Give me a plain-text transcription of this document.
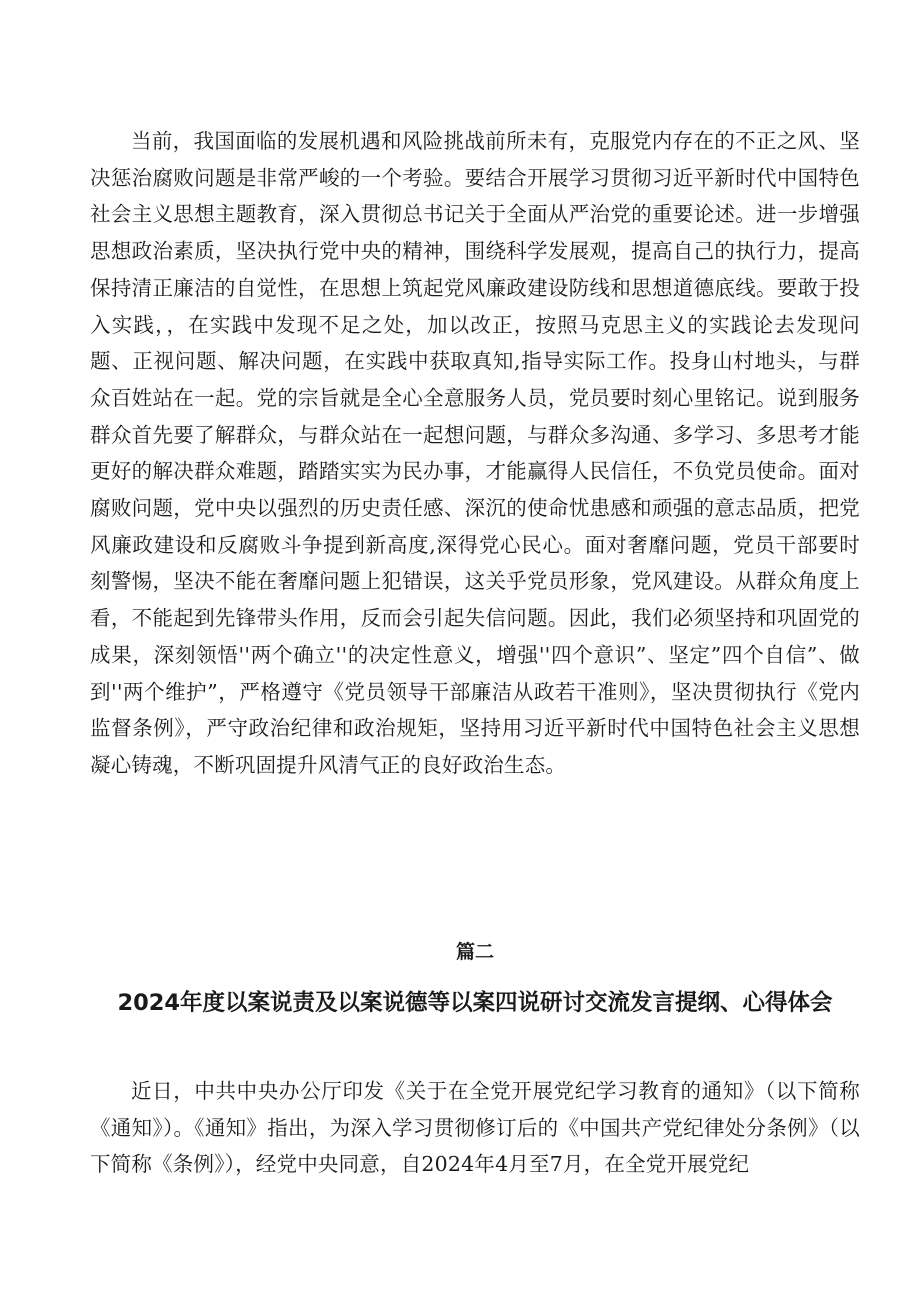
当前，我国面临的发展机遇和风险挑战前所未有，克服党内存在的不正之风、坚决惩治腐败问题是非常严峻的一个考验。要结合开展学习贯彻习近平新时代中国特色社会主义思想主题教育，深入贯彻总书记关于全面从严治党的重要论述。进一步增强思想政治素质，坚决执行党中央的精神，围绕科学发展观，提高自己的执行力，提高保持清正廉洁的自觉性，在思想上筑起党风廉政建设防线和思想道德底线。要敢于投入实践，，在实践中发现不足之处，加以改正，按照马克思主义的实践论去发现问题、正视问题、解决问题，在实践中获取真知,指导实际工作。投身山村地头，与群众百姓站在一起。党的宗旨就是全心全意服务人员，党员要时刻心里铭记。说到服务群众首先要了解群众，与群众站在一起想问题，与群众多沟通、多学习、多思考才能更好的解决群众难题，踏踏实实为民办事，才能赢得人民信任，不负党员使命。面对腐败问题，党中央以强烈的历史责任感、深沉的使命忧患感和顽强的意志品质，把党风廉政建设和反腐败斗争提到新高度,深得党心民心。面对奢靡问题，党员干部要时刻警惕，坚决不能在奢靡问题上犯错误，这关乎党员形象，党风建设。从群众角度上看，不能起到先锋带头作用，反而会引起失信问题。因此，我们必须坚持和巩固党的成果，深刻领悟''两个确立''的决定性意义，增强''四个意识”、坚定”四个自信”、做到''两个维护”，严格遵守《党员领导干部廉洁从政若干准则》，坚决贯彻执行《党内监督条例》，严守政治纪律和政治规矩，坚持用习近平新时代中国特色社会主义思想凝心铸魂，不断巩固提升风清气正的良好政治生态。

篇二

2024年度以案说责及以案说德等以案四说研讨交流发言提纲、心得体会

近日，中共中央办公厅印发《关于在全党开展党纪学习教育的通知》（以下简称《通知》）。《通知》指出，为深入学习贯彻修订后的《中国共产党纪律处分条例》（以下简称《条例》），经党中央同意，自2024年4月至7月，在全党开展党纪
